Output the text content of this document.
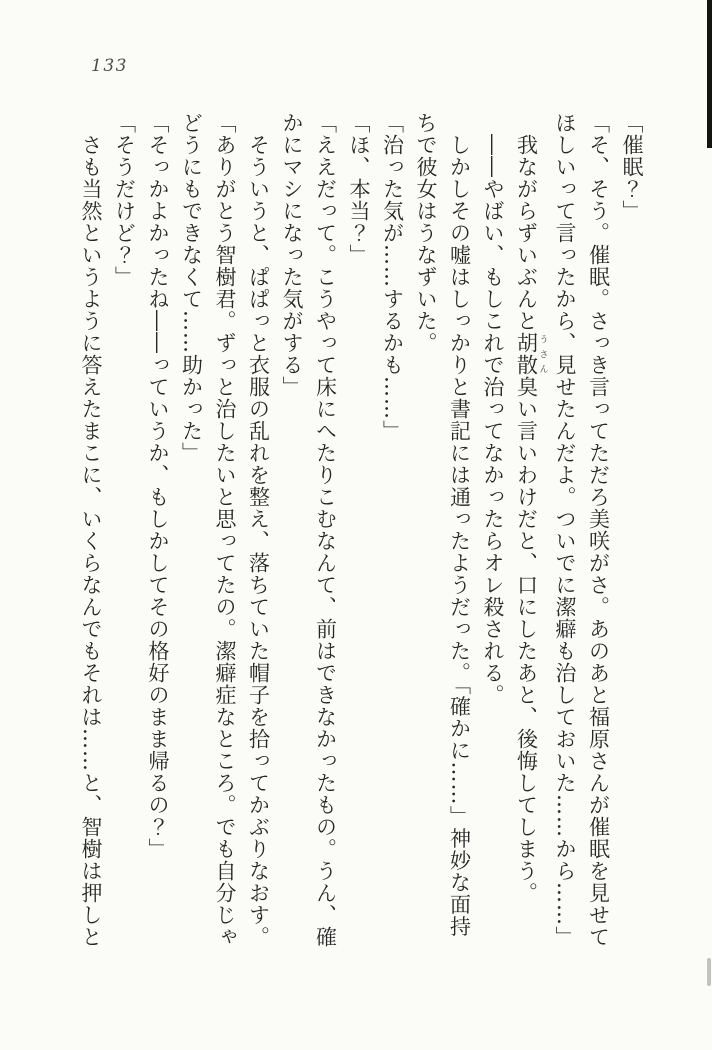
133
「催眠？」
「そ、そう。催眠。さっき言ってただろ美咲がさ。あのあと福原さんが催眠を見せて
ほしいって言ったから、見せたんだよ。ついでに潔癖も治しておいた……から……」
　我ながらずいぶんと胡散 うさん臭い言いわけだと、口にしたあと、後悔してしまう。
　――やばい、もしこれで治ってなかったらオレ殺される。
　しかしその嘘はしっかりと書記には通ったようだった。「確かに……」神妙な面持
ちで彼女はうなずいた。
「治った気が……するかも……」
「ほ、本当？」
「ええだって。こうやって床にへたりこむなんて、前はできなかったもの。うん、確
かにマシになった気がする」
　そういうと、ぱぱっと衣服の乱れを整え、落ちていた帽子を拾ってかぶりなおす。
「ありがとう智樹君。ずっと治したいと思ってたの。潔癖症なところ。でも自分じゃ
どうにもできなくて……助かった」
「そっかよかったね――っていうか、もしかしてその格好のまま帰るの？」
「そうだけど？」
　さも当然というように答えたまこに、いくらなんでもそれは……と、智樹は押しと
